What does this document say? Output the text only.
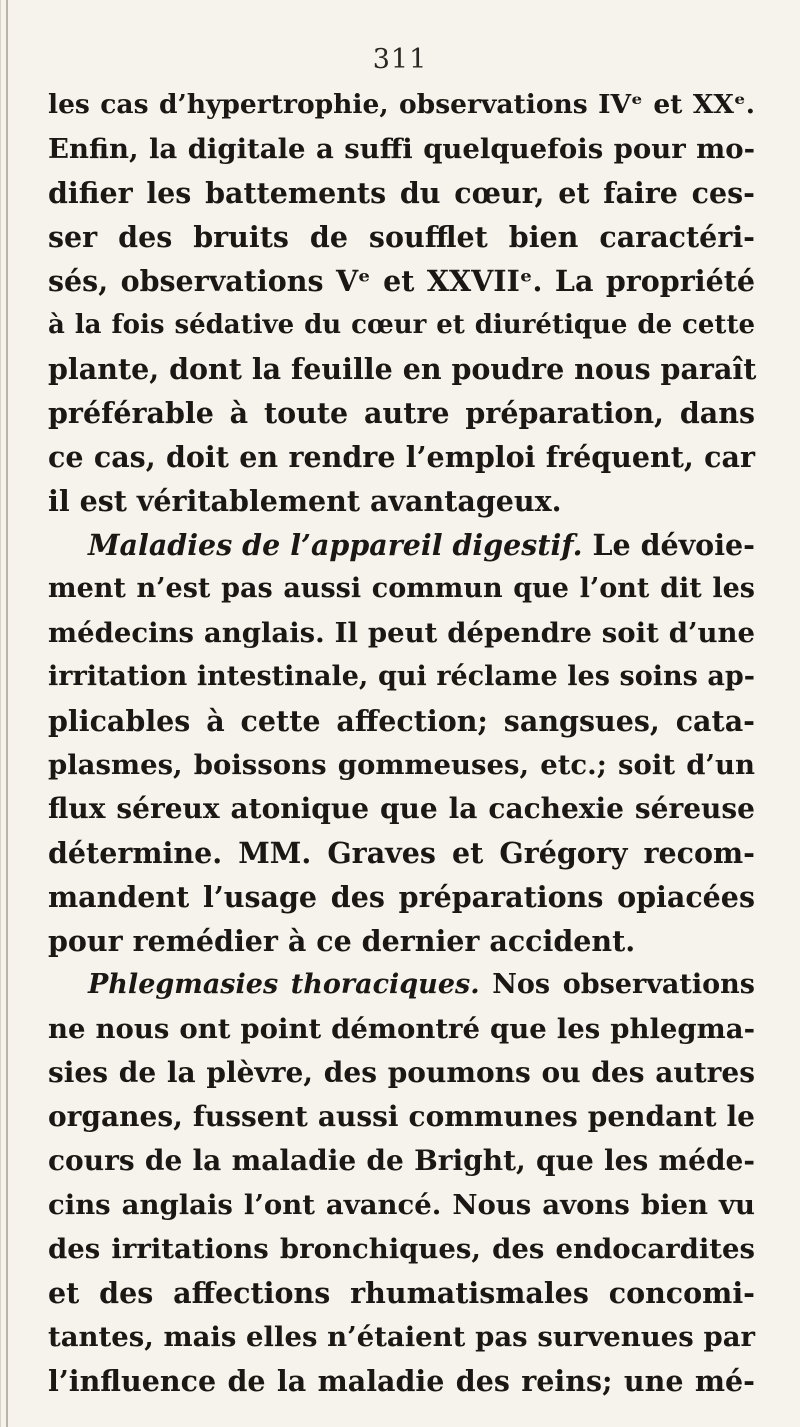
311
les cas d’hypertrophie, observations IVᵉ et XXᵉ.
Enfin, la digitale a suffi quelquefois pour mo-
difier les battements du cœur, et faire ces-
ser des bruits de soufflet bien caractéri-
sés, observations Vᵉ et XXVIIᵉ. La propriété
à la fois sédative du cœur et diurétique de cette
plante, dont la feuille en poudre nous paraît
préférable à toute autre préparation, dans
ce cas, doit en rendre l’emploi fréquent, car
il est véritablement avantageux.
Maladies de l’appareil digestif. Le dévoie-
ment n’est pas aussi commun que l’ont dit les
médecins anglais. Il peut dépendre soit d’une
irritation intestinale, qui réclame les soins ap-
plicables à cette affection; sangsues, cata-
plasmes, boissons gommeuses, etc.; soit d’un
flux séreux atonique que la cachexie séreuse
détermine. MM. Graves et Grégory recom-
mandent l’usage des préparations opiacées
pour remédier à ce dernier accident.
Phlegmasies thoraciques. Nos observations
ne nous ont point démontré que les phlegma-
sies de la plèvre, des poumons ou des autres
organes, fussent aussi communes pendant le
cours de la maladie de Bright, que les méde-
cins anglais l’ont avancé. Nous avons bien vu
des irritations bronchiques, des endocardites
et des affections rhumatismales concomi-
tantes, mais elles n’étaient pas survenues par
l’influence de la maladie des reins; une mé-
